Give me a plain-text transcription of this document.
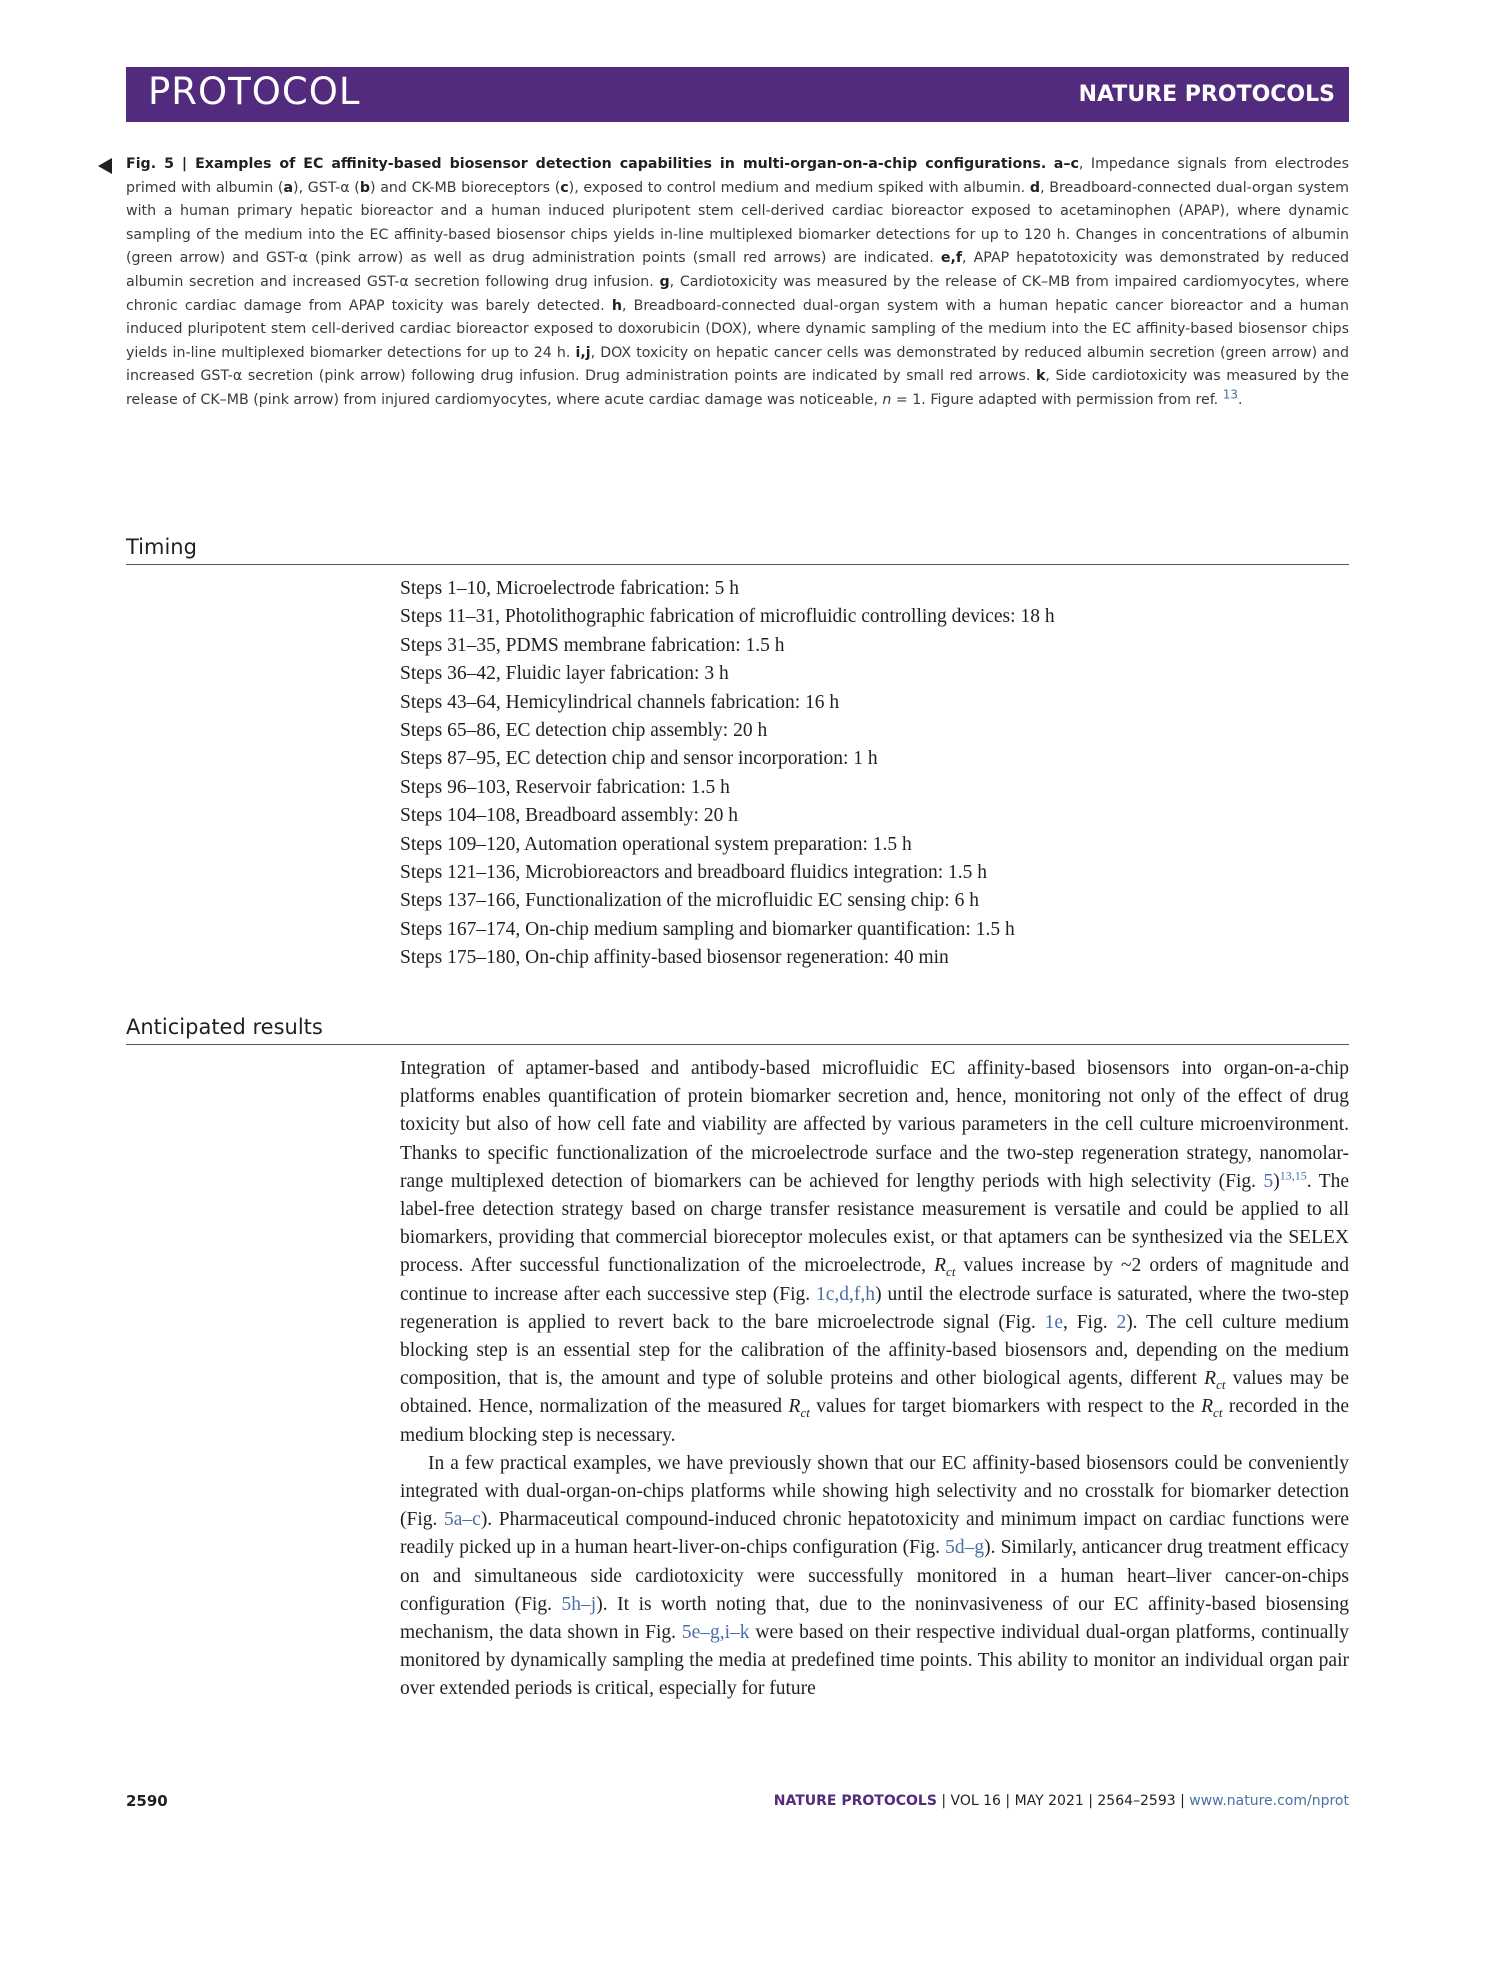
PROTOCOL	NATURE PROTOCOLS
Fig. 5 | Examples of EC affinity-based biosensor detection capabilities in multi-organ-on-a-chip configurations. a–c, Impedance signals from electrodes primed with albumin (a), GST-α (b) and CK-MB bioreceptors (c), exposed to control medium and medium spiked with albumin. d, Breadboard-connected dual-organ system with a human primary hepatic bioreactor and a human induced pluripotent stem cell-derived cardiac bioreactor exposed to acetaminophen (APAP), where dynamic sampling of the medium into the EC affinity-based biosensor chips yields in-line multiplexed biomarker detections for up to 120 h. Changes in concentrations of albumin (green arrow) and GST-α (pink arrow) as well as drug administration points (small red arrows) are indicated. e,f, APAP hepatotoxicity was demonstrated by reduced albumin secretion and increased GST-α secretion following drug infusion. g, Cardiotoxicity was measured by the release of CK–MB from impaired cardiomyocytes, where chronic cardiac damage from APAP toxicity was barely detected. h, Breadboard-connected dual-organ system with a human hepatic cancer bioreactor and a human induced pluripotent stem cell-derived cardiac bioreactor exposed to doxorubicin (DOX), where dynamic sampling of the medium into the EC affinity-based biosensor chips yields in-line multiplexed biomarker detections for up to 24 h. i,j, DOX toxicity on hepatic cancer cells was demonstrated by reduced albumin secretion (green arrow) and increased GST-α secretion (pink arrow) following drug infusion. Drug administration points are indicated by small red arrows. k, Side cardiotoxicity was measured by the release of CK–MB (pink arrow) from injured cardiomyocytes, where acute cardiac damage was noticeable, n = 1. Figure adapted with permission from ref. $^{13}$.
Timing
Steps 1–10, Microelectrode fabrication: 5 h
Steps 11–31, Photolithographic fabrication of microfluidic controlling devices: 18 h
Steps 31–35, PDMS membrane fabrication: 1.5 h
Steps 36–42, Fluidic layer fabrication: 3 h
Steps 43–64, Hemicylindrical channels fabrication: 16 h
Steps 65–86, EC detection chip assembly: 20 h
Steps 87–95, EC detection chip and sensor incorporation: 1 h
Steps 96–103, Reservoir fabrication: 1.5 h
Steps 104–108, Breadboard assembly: 20 h
Steps 109–120, Automation operational system preparation: 1.5 h
Steps 121–136, Microbioreactors and breadboard fluidics integration: 1.5 h
Steps 137–166, Functionalization of the microfluidic EC sensing chip: 6 h
Steps 167–174, On-chip medium sampling and biomarker quantification: 1.5 h
Steps 175–180, On-chip affinity-based biosensor regeneration: 40 min
Anticipated results

Integration of aptamer-based and antibody-based microfluidic EC affinity-based biosensors into organ-on-a-chip platforms enables quantification of protein biomarker secretion and, hence, monitoring not only of the effect of drug toxicity but also of how cell fate and viability are affected by various parameters in the cell culture microenvironment. Thanks to specific functionalization of the microelectrode surface and the two-step regeneration strategy, nanomolar-range multiplexed detection of biomarkers can be achieved for lengthy periods with high selectivity (Fig. 5)$^{13,15}$. The label-free detection strategy based on charge transfer resistance measurement is versatile and could be applied to all biomarkers, providing that commercial bioreceptor molecules exist, or that aptamers can be synthesized via the SELEX process. After successful functionalization of the microelectrode, $R_{ct}$ values increase by ~2 orders of magnitude and continue to increase after each successive step (Fig. 1c,d,f,h) until the electrode surface is saturated, where the two-step regeneration is applied to revert back to the bare microelectrode signal (Fig. 1e, Fig. 2). The cell culture medium blocking step is an essential step for the calibration of the affinity-based biosensors and, depending on the medium composition, that is, the amount and type of soluble proteins and other biological agents, different $R_{ct}$ values may be obtained. Hence, normalization of the measured $R_{ct}$ values for target biomarkers with respect to the $R_{ct}$ recorded in the medium blocking step is necessary.

In a few practical examples, we have previously shown that our EC affinity-based biosensors could be conveniently integrated with dual-organ-on-chips platforms while showing high selectivity and no crosstalk for biomarker detection (Fig. 5a–c). Pharmaceutical compound-induced chronic hepatotoxicity and minimum impact on cardiac functions were readily picked up in a human heart-liver-on-chips configuration (Fig. 5d–g). Similarly, anticancer drug treatment efficacy on and simultaneous side cardiotoxicity were successfully monitored in a human heart–liver cancer-on-chips configuration (Fig. 5h–j). It is worth noting that, due to the noninvasiveness of our EC affinity-based biosensing mechanism, the data shown in Fig. 5e–g,i–k were based on their respective individual dual-organ platforms, continually monitored by dynamically sampling the media at predefined time points. This ability to monitor an individual organ pair over extended periods is critical, especially for future

2590	NATURE PROTOCOLS | VOL 16 | MAY 2021 | 2564–2593 | www.nature.com/nprot
